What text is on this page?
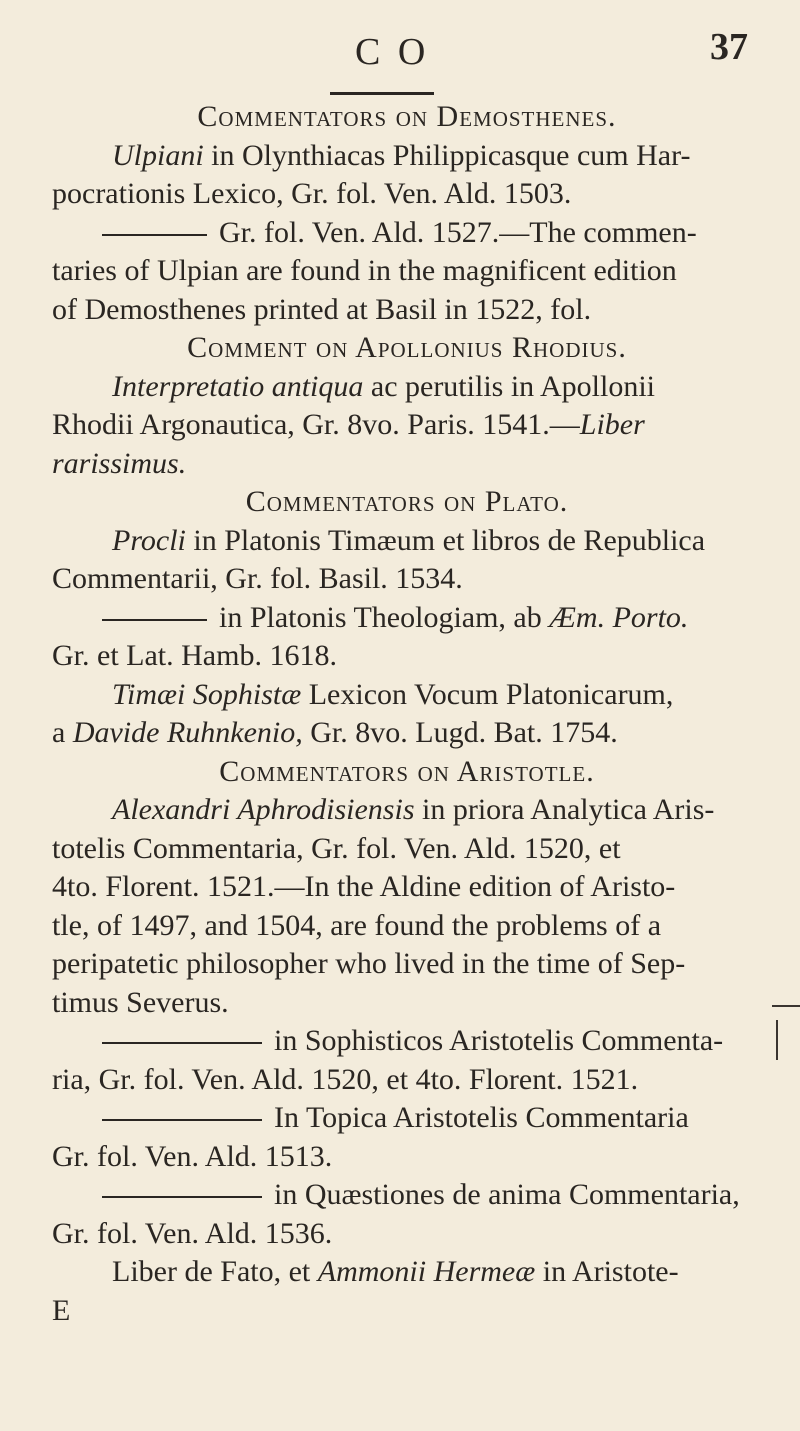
C O	37
Commentators on Demosthenes.
Ulpiani in Olynthiacas Philippicasque cum Har-
pocrationis Lexico, Gr. fol. Ven. Ald. 1503.
Gr. fol. Ven. Ald. 1527.—The commen-
taries of Ulpian are found in the magnificent edition
of Demosthenes printed at Basil in 1522, fol.
Comment on Apollonius Rhodius.
Interpretatio antiqua ac perutilis in Apollonii
Rhodii Argonautica, Gr. 8vo. Paris. 1541.—Liber
rarissimus.
Commentators on Plato.
Procli in Platonis Timæum et libros de Republica
Commentarii, Gr. fol. Basil. 1534.
in Platonis Theologiam, ab Æm. Porto.
Gr. et Lat. Hamb. 1618.
Timæi Sophistæ Lexicon Vocum Platonicarum,
a Davide Ruhnkenio, Gr. 8vo. Lugd. Bat. 1754.
Commentators on Aristotle.
Alexandri Aphrodisiensis in priora Analytica Aris-
totelis Commentaria, Gr. fol. Ven. Ald. 1520, et
4to. Florent. 1521.—In the Aldine edition of Aristo-
tle, of 1497, and 1504, are found the problems of a
peripatetic philosopher who lived in the time of Sep-
timus Severus.
in Sophisticos Aristotelis Commenta-
ria, Gr. fol. Ven. Ald. 1520, et 4to. Florent. 1521.
In Topica Aristotelis Commentaria
Gr. fol. Ven. Ald. 1513.
in Quæstiones de anima Commentaria,
Gr. fol. Ven. Ald. 1536.
Liber de Fato, et Ammonii Hermeæ in Aristote-
E
